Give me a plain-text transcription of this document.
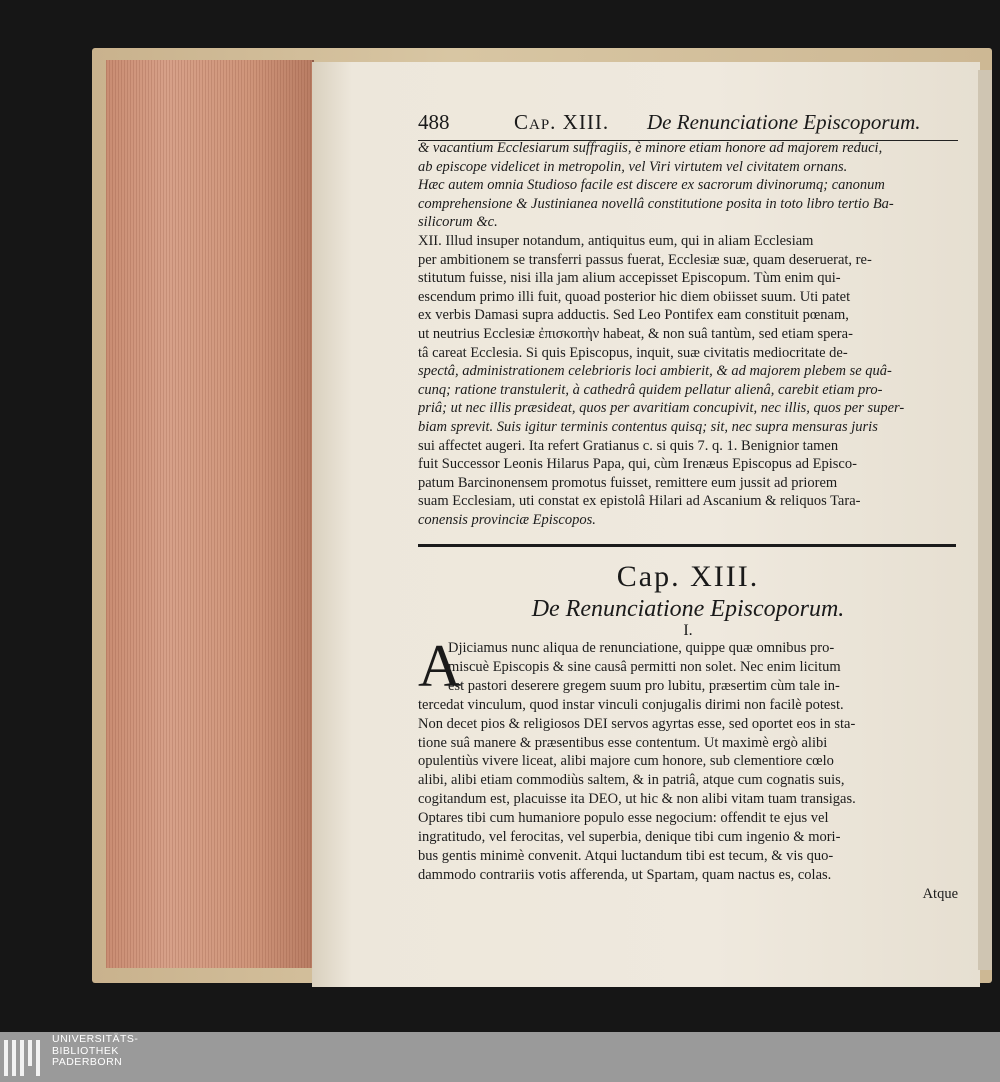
488	Cap. XIII. De Renunciatione Episcoporum.
& vacantium Ecclesiarum suffragiis, è minore etiam honore ad majorem reduci,
ab episcope videlicet in metropolin, vel Viri virtutem vel civitatem ornans.
Hæc autem omnia Studioso facile est discere ex sacrorum divinorumq; canonum
comprehensione & Justinianea novellâ constitutione posita in toto libro tertio Ba-
silicorum &c.
XII. Illud insuper notandum, antiquitus eum, qui in aliam Ecclesiam
per ambitionem se transferri passus fuerat, Ecclesiæ suæ, quam deseruerat, re-
stitutum fuisse, nisi illa jam alium accepisset Episcopum. Tùm enim qui-
escendum primo illi fuit, quoad posterior hic diem obiisset suum. Uti patet
ex verbis Damasi supra adductis. Sed Leo Pontifex eam constituit pœnam,
ut neutrius Ecclesiæ ἐπισκοπὴν habeat, & non suâ tantùm, sed etiam spera-
tâ careat Ecclesia. Si quis Episcopus, inquit, suæ civitatis mediocritate de-
spectâ, administrationem celebrioris loci ambierit, & ad majorem plebem se quâ-
cunq; ratione transtulerit, à cathedrâ quidem pellatur alienâ, carebit etiam pro-
priâ; ut nec illis præsideat, quos per avaritiam concupivit, nec illis, quos per super-
biam sprevit. Suis igitur terminis contentus quisq; sit, nec supra mensuras juris
sui affectet augeri. Ita refert Gratianus c. si quis 7. q. 1. Benignior tamen
fuit Successor Leonis Hilarus Papa, qui, cùm Irenæus Episcopus ad Episco-
patum Barcinonensem promotus fuisset, remittere eum jussit ad priorem
suam Ecclesiam, uti constat ex epistolâ Hilari ad Ascanium & reliquos Tara-
conensis provinciæ Episcopos.
Cap. XIII.
De Renunciatione Episcoporum.
I.
A
Djiciamus nunc aliqua de renunciatione, quippe quæ omnibus pro-
miscuè Episcopis & sine causâ permitti non solet. Nec enim licitum
est pastori deserere gregem suum pro lubitu, præsertim cùm tale in-
tercedat vinculum, quod instar vinculi conjugalis dirimi non facilè potest.
Non decet pios & religiosos DEI servos agyrtas esse, sed oportet eos in sta-
tione suâ manere & præsentibus esse contentum. Ut maximè ergò alibi
opulentiùs vivere liceat, alibi majore cum honore, sub clementiore cœlo
alibi, alibi etiam commodiùs saltem, & in patriâ, atque cum cognatis suis,
cogitandum est, placuisse ita DEO, ut hic & non alibi vitam tuam transigas.
Optares tibi cum humaniore populo esse negocium: offendit te ejus vel
ingratitudo, vel ferocitas, vel superbia, denique tibi cum ingenio & mori-
bus gentis minimè convenit. Atqui luctandum tibi est tecum, & vis quo-
dammodo contrariis votis afferenda, ut Spartam, quam nactus es, colas.
Atque
UNIVERSITÄTS-
BIBLIOTHEK
PADERBORN
